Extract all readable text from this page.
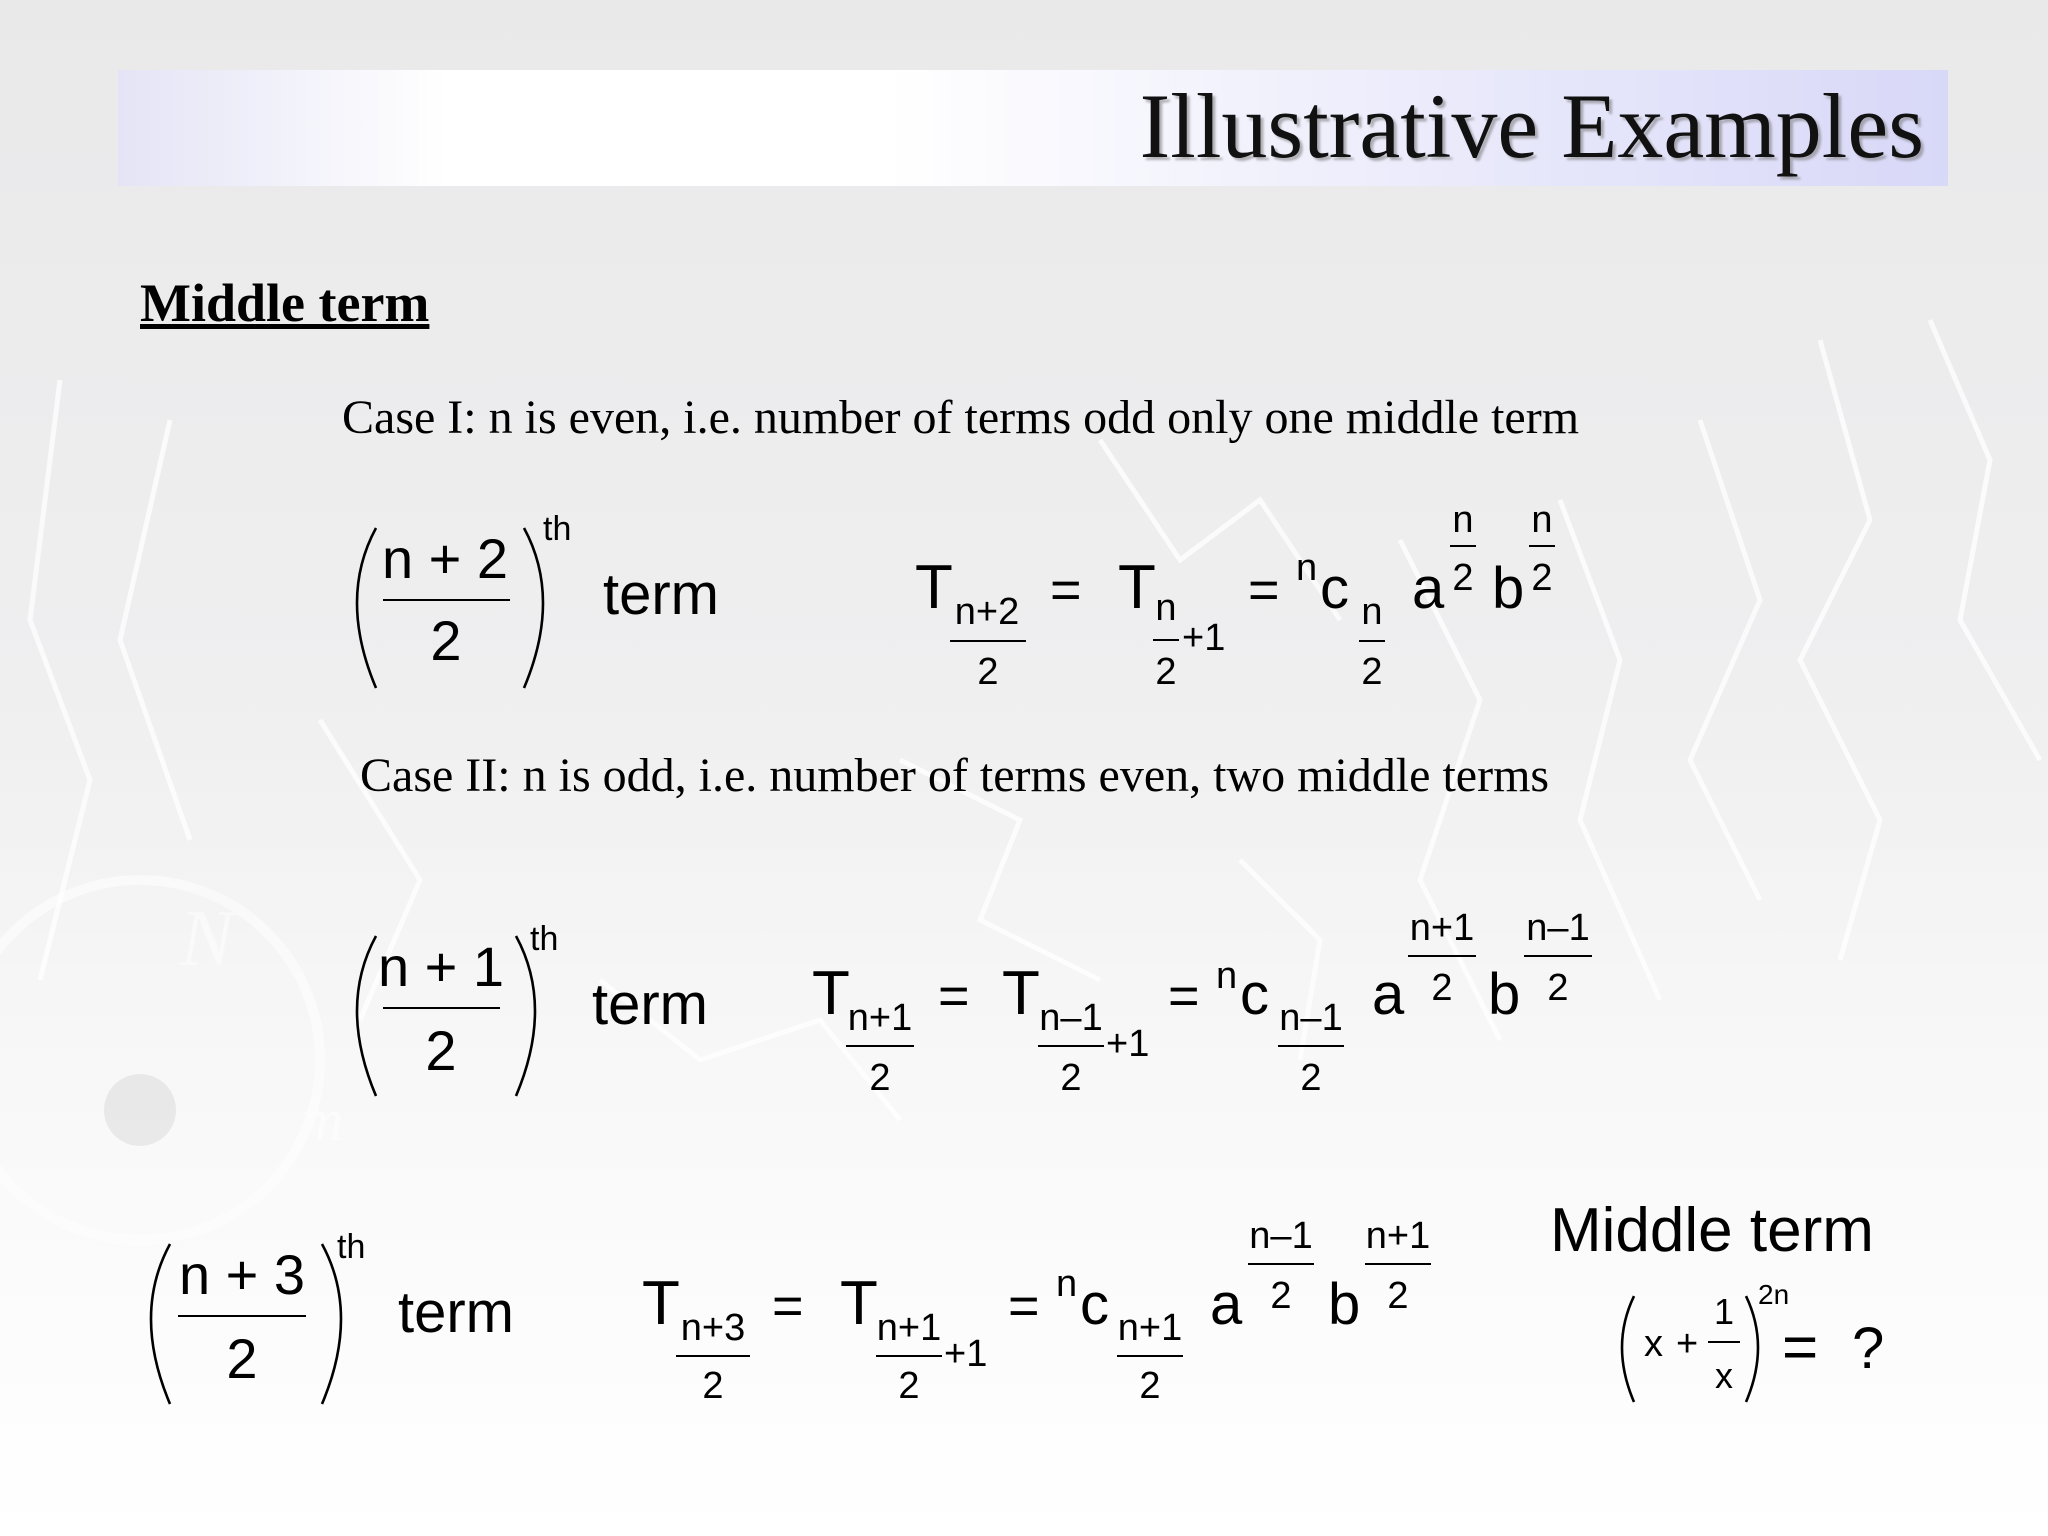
N
m
Illustrative Examples
Middle term
Case I: n is even, i.e. number of terms odd only one middle term
Case II: n is odd, i.e. number of terms even, two middle terms
n + 2
2
th
term	T n+2
2
= T n
2
+1
= n c n
2
a
n
2 b
n
2
n + 1
2
th
term T
n+1
2
= T n–1
2
+1
= n c n–1
2
a
n+1
2 b
n–1
2
n + 3
2
th
term T n+3
2
= T
n+1
2
+1
= n c n+1
2
a
n–1
2 b
n+1
2
x +
1
x
2n
= ?
Middle term
